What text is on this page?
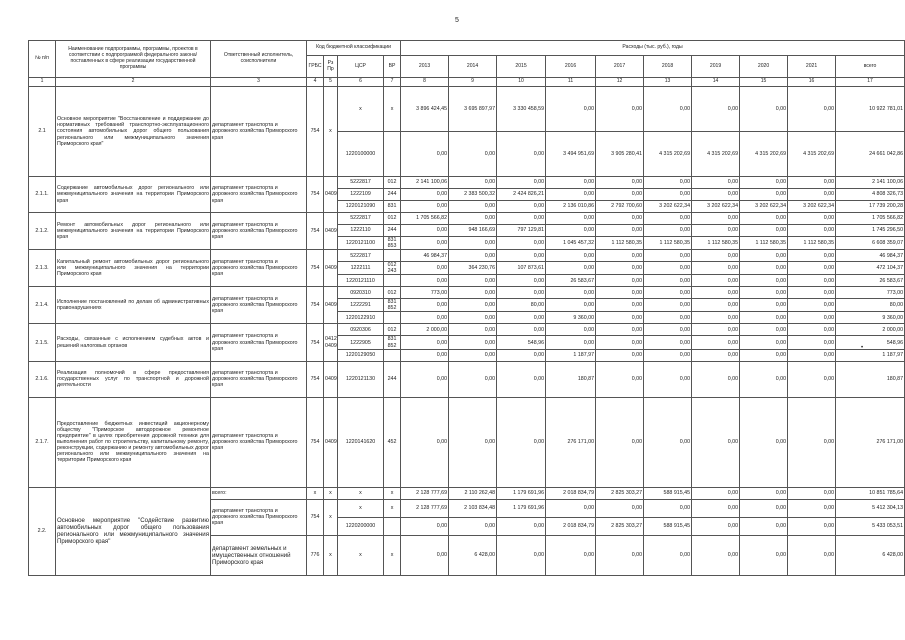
5
•
№ п/п	Наименование подпрограммы, программы, проектов в соответствии с подпрограммой федерального закона/поставленных в сфере реализации государственной программы	Ответственный исполнитель, соисполнители	Код бюджетной классификации				Расходы (тыс. руб.), годы									
			ГРБС	Рз Пр	ЦСР	ВР	2013	2014	2015	2016	2017	2018	2019	2020	2021	всего
1	2	3	4	5	6	7	8	9	10	11	12	13	14	15	16	17
2.1	Основное мероприятие "Восстановление и поддержание до нормативных требований транспортно-эксплуатационного состояния автомобильных дорог общего пользования регионального или межмуниципального значения Приморского края"	департамент транспорта и дорожного хозяйства Приморского края	754	x	x	x	3 896 424,45	3 695 897,97	3 330 458,59	0,00	0,00	0,00	0,00	0,00	0,00	10 922 781,01
					1220100000		0,00	0,00	0,00	3 494 951,69	3 905 280,41	4 315 202,69	4 315 202,69	4 315 202,69	4 315 202,69	24 661 042,86
2.1.1.	Содержание автомобильных дорог регионального или межмуниципального значения на территории Приморского края	департамент транспорта и дорожного хозяйства Приморского края	754	0409	5222817	012	2 141 100,06	0,00	0,00	0,00	0,00	0,00	0,00	0,00	0,00	2 141 100,06
					1222109	244	0,00	2 383 500,32	2 424 826,21	0,00	0,00	0,00	0,00	0,00	0,00	4 808 326,73
					1220121090	831	0,00	0,00	0,00	2 136 010,86	2 792 700,60	3 202 622,34	3 202 622,34	3 202 622,34	3 202 622,34	17 739 200,28
2.1.2.	Ремонт автомобильных дорог регионального или межмуниципального значения на территории Приморского края	департамент транспорта и дорожного хозяйства Приморского края	754	0409	5222817	012	1 705 566,82	0,00	0,00	0,00	0,00	0,00	0,00	0,00	0,00	1 705 566,82
					1222110	244	0,00	948 166,69	797 129,81	0,00	0,00	0,00	0,00	0,00	0,00	1 745 296,50
					1220121100	831 853	0,00	0,00	0,00	1 045 457,32	1 112 580,35	1 112 580,35	1 112 580,35	1 112 580,35	1 112 580,35	6 608 359,07
2.1.3.	Капитальный ремонт автомобильных дорог регионального или межмуниципального значения на территории Приморского края	департамент транспорта и дорожного хозяйства Приморского края	754	0409	5222817		46 984,37	0,00	0,00	0,00	0,00	0,00	0,00	0,00	0,00	46 984,37
					1222111	012 243	0,00	364 230,76	107 873,61	0,00	0,00	0,00	0,00	0,00	0,00	472 104,37
					1220121110		0,00	0,00	0,00	26 583,67	0,00	0,00	0,00	0,00	0,00	26 583,67
2.1.4.	Исполнение постановлений по делам об административных правонарушениях	департамент транспорта и дорожного хозяйства Приморского края	754	0409	0920310	012	773,00	0,00	0,00	0,00	0,00	0,00	0,00	0,00	0,00	773,00
					1222291	831 852	0,00	0,00	80,00	0,00	0,00	0,00	0,00	0,00	0,00	80,00
					1220122910		0,00	0,00	0,00	9 360,00	0,00	0,00	0,00	0,00	0,00	9 360,00
2.1.5.	Расходы, связанные с исполнением судебных актов и решений налоговых органов	департамент транспорта и дорожного хозяйства Приморского края	754	0412 0409	0920306	012	2 000,00	0,00	0,00	0,00	0,00	0,00	0,00	0,00	0,00	2 000,00
					1222905	831 852	0,00	0,00	548,96	0,00	0,00	0,00	0,00	0,00	0,00	548,96
					1220129050		0,00	0,00	0,00	1 187,97	0,00	0,00	0,00	0,00	0,00	1 187,97
2.1.6.	Реализация полномочий в сфере предоставления государственных услуг по транспортной и дорожной деятельности	департамент транспорта и дорожного хозяйства Приморского края	754	0409	1220121130	244	0,00	0,00	0,00	180,87	0,00	0,00	0,00	0,00	0,00	180,87
2.1.7.	Предоставление бюджетных инвестиций акционерному обществу "Приморское автодорожное ремонтное предприятие" в целях приобретения дорожной техники для выполнения работ по строительству, капитальному ремонту, реконструкции, содержанию и ремонту автомобильных дорог регионального или межмуниципального значения на территории Приморского края	департамент транспорта и дорожного хозяйства Приморского края	754	0409	1220141620	452	0,00	0,00	0,00	276 171,00	0,00	0,00	0,00	0,00	0,00	276 171,00
2.2.	Основное мероприятие "Содействие развитию автомобильных дорог общего пользования регионального или межмуниципального значения Приморского края"	всего:	x	x	x	x	2 128 777,69	2 110 262,48	1 179 691,96	2 018 834,79	2 825 303,27	588 915,45	0,00	0,00	0,00	10 851 785,64
		департамент транспорта и дорожного хозяйства Приморского края	754	x	x	x	2 128 777,69	2 103 834,48	1 179 691,96	0,00	0,00	0,00	0,00	0,00	0,00	5 412 304,13
					1220200000		0,00	0,00	0,00	2 018 834,79	2 825 303,27	588 915,45	0,00	0,00	0,00	5 433 053,51
		департамент земельных и имущественных отношений Приморского края	776	x	x	x	0,00	6 428,00	0,00	0,00	0,00	0,00	0,00	0,00	0,00	6 428,00
